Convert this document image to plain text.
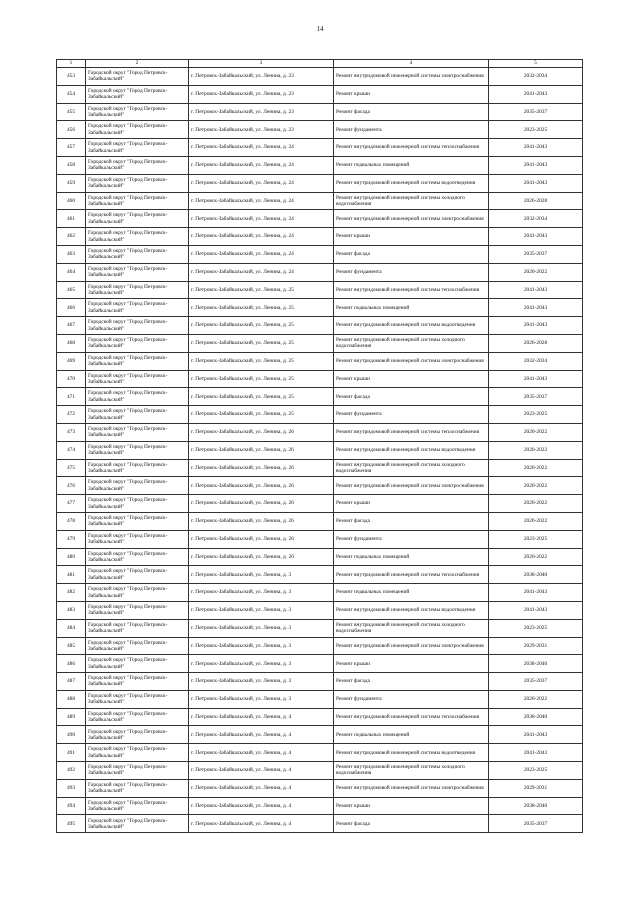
14
1	2	3	4	5
453	Городской округ "Город Петровск-Забайкальский"	г. Петровск-Забайкальский, ул. Ленина, д. 23	Ремонт внутридомовой инженерной системы электроснабжения	2032-2034
454	Городской округ "Город Петровск-Забайкальский"	г. Петровск-Забайкальский, ул. Ленина, д. 23	Ремонт крыши	2041-2043
455	Городской округ "Город Петровск-Забайкальский"	г. Петровск-Забайкальский, ул. Ленина, д. 23	Ремонт фасада	2035-2037
456	Городской округ "Город Петровск-Забайкальский"	г. Петровск-Забайкальский, ул. Ленина, д. 23	Ремонт фундамента	2023-2025
457	Городской округ "Город Петровск-Забайкальский"	г. Петровск-Забайкальский, ул. Ленина, д. 24	Ремонт внутридомовой инженерной системы теплоснабжения	2041-2043
458	Городской округ "Город Петровск-Забайкальский"	г. Петровск-Забайкальский, ул. Ленина, д. 24	Ремонт подвальных помещений	2041-2043
459	Городской округ "Город Петровск-Забайкальский"	г. Петровск-Забайкальский, ул. Ленина, д. 24	Ремонт внутридомовой инженерной системы водоотведения	2041-2043
460	Городской округ "Город Петровск-Забайкальский"	г. Петровск-Забайкальский, ул. Ленина, д. 24	Ремонт внутридомовой инженерной системы холодного водоснабжения	2026-2028
461	Городской округ "Город Петровск-Забайкальский"	г. Петровск-Забайкальский, ул. Ленина, д. 24	Ремонт внутридомовой инженерной системы электроснабжения	2032-2034
462	Городской округ "Город Петровск-Забайкальский"	г. Петровск-Забайкальский, ул. Ленина, д. 24	Ремонт крыши	2041-2043
463	Городской округ "Город Петровск-Забайкальский"	г. Петровск-Забайкальский, ул. Ленина, д. 24	Ремонт фасада	2035-2037
464	Городской округ "Город Петровск-Забайкальский"	г. Петровск-Забайкальский, ул. Ленина, д. 24	Ремонт фундамента	2020-2022
465	Городской округ "Город Петровск-Забайкальский"	г. Петровск-Забайкальский, ул. Ленина, д. 25	Ремонт внутридомовой инженерной системы теплоснабжения	2041-2043
466	Городской округ "Город Петровск-Забайкальский"	г. Петровск-Забайкальский, ул. Ленина, д. 25	Ремонт подвальных помещений	2041-2043
467	Городской округ "Город Петровск-Забайкальский"	г. Петровск-Забайкальский, ул. Ленина, д. 25	Ремонт внутридомовой инженерной системы водоотведения	2041-2043
468	Городской округ "Город Петровск-Забайкальский"	г. Петровск-Забайкальский, ул. Ленина, д. 25	Ремонт внутридомовой инженерной системы холодного водоснабжения	2026-2028
469	Городской округ "Город Петровск-Забайкальский"	г. Петровск-Забайкальский, ул. Ленина, д. 25	Ремонт внутридомовой инженерной системы электроснабжения	2032-2034
470	Городской округ "Город Петровск-Забайкальский"	г. Петровск-Забайкальский, ул. Ленина, д. 25	Ремонт крыши	2041-2043
471	Городской округ "Город Петровск-Забайкальский"	г. Петровск-Забайкальский, ул. Ленина, д. 25	Ремонт фасада	2035-2037
472	Городской округ "Город Петровск-Забайкальский"	г. Петровск-Забайкальский, ул. Ленина, д. 25	Ремонт фундамента	2023-2025
473	Городской округ "Город Петровск-Забайкальский"	г. Петровск-Забайкальский, ул. Ленина, д. 26	Ремонт внутридомовой инженерной системы теплоснабжения	2020-2022
474	Городской округ "Город Петровск-Забайкальский"	г. Петровск-Забайкальский, ул. Ленина, д. 26	Ремонт внутридомовой инженерной системы водоотведения	2020-2022
475	Городской округ "Город Петровск-Забайкальский"	г. Петровск-Забайкальский, ул. Ленина, д. 26	Ремонт внутридомовой инженерной системы холодного водоснабжения	2020-2022
476	Городской округ "Город Петровск-Забайкальский"	г. Петровск-Забайкальский, ул. Ленина, д. 26	Ремонт внутридомовой инженерной системы электроснабжения	2020-2022
477	Городской округ "Город Петровск-Забайкальский"	г. Петровск-Забайкальский, ул. Ленина, д. 26	Ремонт крыши	2020-2022
478	Городской округ "Город Петровск-Забайкальский"	г. Петровск-Забайкальский, ул. Ленина, д. 26	Ремонт фасада	2020-2022
479	Городской округ "Город Петровск-Забайкальский"	г. Петровск-Забайкальский, ул. Ленина, д. 26	Ремонт фундамента	2023-2025
480	Городской округ "Город Петровск-Забайкальский"	г. Петровск-Забайкальский, ул. Ленина, д. 26	Ремонт подвальных помещений	2020-2022
481	Городской округ "Город Петровск-Забайкальский"	г. Петровск-Забайкальский, ул. Ленина, д. 3	Ремонт внутридомовой инженерной системы теплоснабжения	2038-2040
482	Городской округ "Город Петровск-Забайкальский"	г. Петровск-Забайкальский, ул. Ленина, д. 3	Ремонт подвальных помещений	2041-2043
483	Городской округ "Город Петровск-Забайкальский"	г. Петровск-Забайкальский, ул. Ленина, д. 3	Ремонт внутридомовой инженерной системы водоотведения	2041-2043
484	Городской округ "Город Петровск-Забайкальский"	г. Петровск-Забайкальский, ул. Ленина, д. 3	Ремонт внутридомовой инженерной системы холодного водоснабжения	2023-2025
485	Городской округ "Город Петровск-Забайкальский"	г. Петровск-Забайкальский, ул. Ленина, д. 3	Ремонт внутридомовой инженерной системы электроснабжения	2029-2031
486	Городской округ "Город Петровск-Забайкальский"	г. Петровск-Забайкальский, ул. Ленина, д. 3	Ремонт крыши	2038-2040
487	Городской округ "Город Петровск-Забайкальский"	г. Петровск-Забайкальский, ул. Ленина, д. 3	Ремонт фасада	2035-2037
488	Городской округ "Город Петровск-Забайкальский"	г. Петровск-Забайкальский, ул. Ленина, д. 3	Ремонт фундамента	2020-2022
489	Городской округ "Город Петровск-Забайкальский"	г. Петровск-Забайкальский, ул. Ленина, д. 4	Ремонт внутридомовой инженерной системы теплоснабжения	2038-2040
490	Городской округ "Город Петровск-Забайкальский"	г. Петровск-Забайкальский, ул. Ленина, д. 4	Ремонт подвальных помещений	2041-2043
491	Городской округ "Город Петровск-Забайкальский"	г. Петровск-Забайкальский, ул. Ленина, д. 4	Ремонт внутридомовой инженерной системы водоотведения	2041-2043
492	Городской округ "Город Петровск-Забайкальский"	г. Петровск-Забайкальский, ул. Ленина, д. 4	Ремонт внутридомовой инженерной системы холодного водоснабжения	2023-2025
493	Городской округ "Город Петровск-Забайкальский"	г. Петровск-Забайкальский, ул. Ленина, д. 4	Ремонт внутридомовой инженерной системы электроснабжения	2029-2031
494	Городской округ "Город Петровск-Забайкальский"	г. Петровск-Забайкальский, ул. Ленина, д. 4	Ремонт крыши	2038-2040
495	Городской округ "Город Петровск-Забайкальский"	г. Петровск-Забайкальский, ул. Ленина, д. 4	Ремонт фасада	2035-2037
